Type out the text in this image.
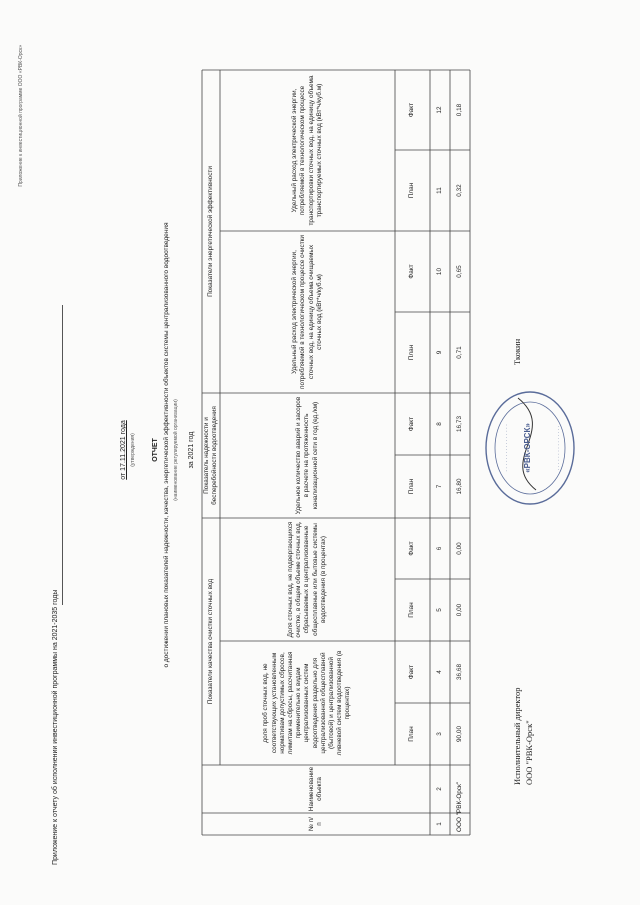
Приложение к инвестиционной программе ООО «РВК-Орск»
Приложение к отчету об исполнении инвестиционной программы на 2021-2035 годы
от 17.11.2021 года (утверждения) ОТЧЕТ о достижении плановых показателей надежности, качества, энергетической эффективности объектов системы централизованного водоотведения (наименование регулируемой организации) за 2021 год
№ п/п
Наименование объекта
Показатели качества очистки сточных вод
Показатель надежности и бесперебойности водоотведения
Показатели энергетической эффективности
доля проб сточных вод, не соответствующих установленным нормативам допустимых сбросов, лимитам на сбросы, рассчитанная применительно к видам централизованных систем водоотведения раздельно для централизованной общесплавной (бытовой) и централизованной ливневой систем водоотведения (в процентах)
Доля сточных вод, не подвергающихся очистке, в общем объеме сточных вод, сбрасываемых в централизованные общесплавные или бытовые системы водоотведения (в процентах)
Удельное количество аварий и засоров в расчете на протяженность канализационной сети в год (ед./км)
Удельный расход электрической энергии, потребляемой в технологическом процессе очистки сточных вод, на единицу объема очищаемых сточных вод (кВт*ч/куб.м)
Удельный расход электрической энергии, потребляемой в технологическом процессе транспортировки сточных вод, на единицу объема транспортируемых сточных вод (кВт*ч/куб.м)
План
Факт
План
Факт
План
Факт
План
Факт
План
Факт
1
2
3
4
5
6
7
8
9
10
11
12
ООО "РВК-Орск"
90,00
36,68
0,00
0,00
16,80
16,73
0,71
0,65
0,32
0,18
Исполнительный директор ООО "РВК-Орск"
· · · · · · · · · · · · · · · ·	· · · · · · · · · · · · · · ·
«РВК-ОРСК»
Ткокин
